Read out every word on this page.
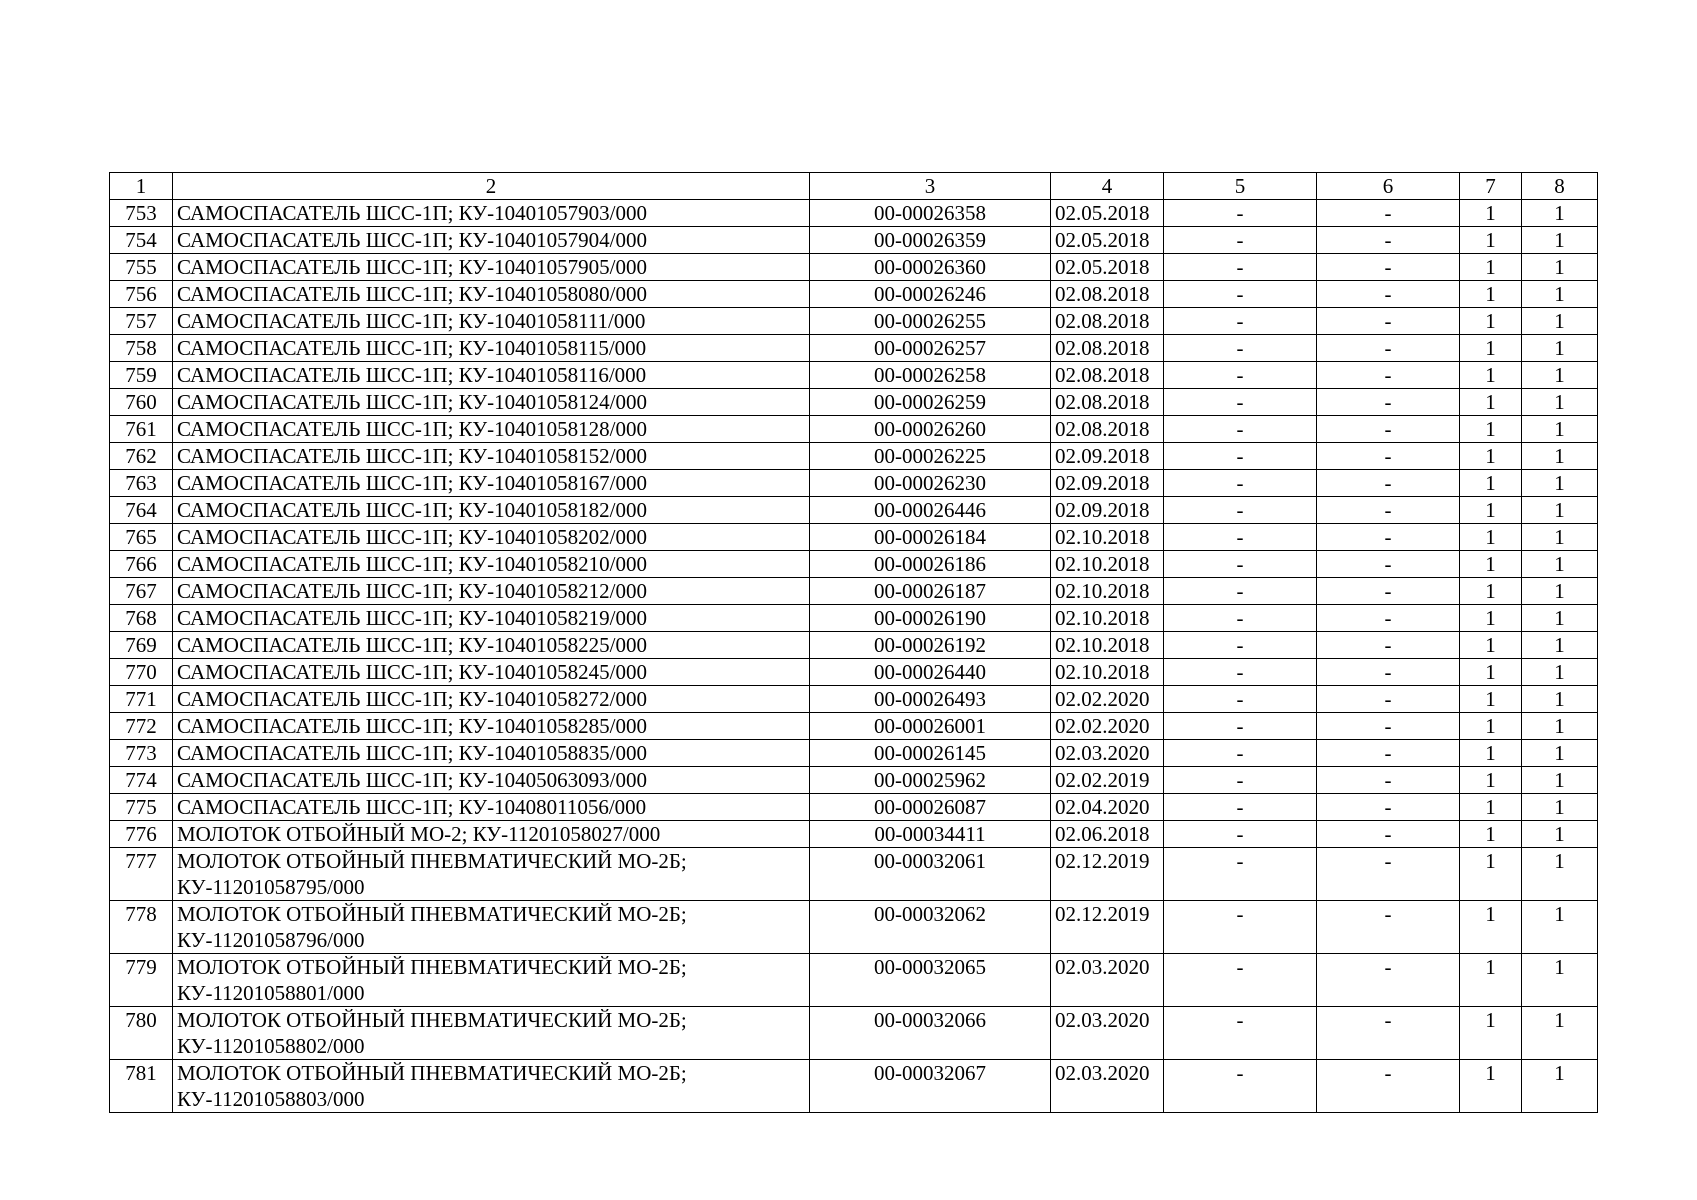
1	2	3	4	5	6	7	8
753	САМОСПАСАТЕЛЬ ШСС-1П; КУ-10401057903/000	00-00026358	02.05.2018	-	-	1	1
754	САМОСПАСАТЕЛЬ ШСС-1П; КУ-10401057904/000	00-00026359	02.05.2018	-	-	1	1
755	САМОСПАСАТЕЛЬ ШСС-1П; КУ-10401057905/000	00-00026360	02.05.2018	-	-	1	1
756	САМОСПАСАТЕЛЬ ШСС-1П; КУ-10401058080/000	00-00026246	02.08.2018	-	-	1	1
757	САМОСПАСАТЕЛЬ ШСС-1П; КУ-10401058111/000	00-00026255	02.08.2018	-	-	1	1
758	САМОСПАСАТЕЛЬ ШСС-1П; КУ-10401058115/000	00-00026257	02.08.2018	-	-	1	1
759	САМОСПАСАТЕЛЬ ШСС-1П; КУ-10401058116/000	00-00026258	02.08.2018	-	-	1	1
760	САМОСПАСАТЕЛЬ ШСС-1П; КУ-10401058124/000	00-00026259	02.08.2018	-	-	1	1
761	САМОСПАСАТЕЛЬ ШСС-1П; КУ-10401058128/000	00-00026260	02.08.2018	-	-	1	1
762	САМОСПАСАТЕЛЬ ШСС-1П; КУ-10401058152/000	00-00026225	02.09.2018	-	-	1	1
763	САМОСПАСАТЕЛЬ ШСС-1П; КУ-10401058167/000	00-00026230	02.09.2018	-	-	1	1
764	САМОСПАСАТЕЛЬ ШСС-1П; КУ-10401058182/000	00-00026446	02.09.2018	-	-	1	1
765	САМОСПАСАТЕЛЬ ШСС-1П; КУ-10401058202/000	00-00026184	02.10.2018	-	-	1	1
766	САМОСПАСАТЕЛЬ ШСС-1П; КУ-10401058210/000	00-00026186	02.10.2018	-	-	1	1
767	САМОСПАСАТЕЛЬ ШСС-1П; КУ-10401058212/000	00-00026187	02.10.2018	-	-	1	1
768	САМОСПАСАТЕЛЬ ШСС-1П; КУ-10401058219/000	00-00026190	02.10.2018	-	-	1	1
769	САМОСПАСАТЕЛЬ ШСС-1П; КУ-10401058225/000	00-00026192	02.10.2018	-	-	1	1
770	САМОСПАСАТЕЛЬ ШСС-1П; КУ-10401058245/000	00-00026440	02.10.2018	-	-	1	1
771	САМОСПАСАТЕЛЬ ШСС-1П; КУ-10401058272/000	00-00026493	02.02.2020	-	-	1	1
772	САМОСПАСАТЕЛЬ ШСС-1П; КУ-10401058285/000	00-00026001	02.02.2020	-	-	1	1
773	САМОСПАСАТЕЛЬ ШСС-1П; КУ-10401058835/000	00-00026145	02.03.2020	-	-	1	1
774	САМОСПАСАТЕЛЬ ШСС-1П; КУ-10405063093/000	00-00025962	02.02.2019	-	-	1	1
775	САМОСПАСАТЕЛЬ ШСС-1П; КУ-10408011056/000	00-00026087	02.04.2020	-	-	1	1
776	МОЛОТОК ОТБОЙНЫЙ МО-2; КУ-11201058027/000	00-00034411	02.06.2018	-	-	1	1
777	МОЛОТОК ОТБОЙНЫЙ ПНЕВМАТИЧЕСКИЙ МО-2Б; КУ-11201058795/000	00-00032061	02.12.2019	-	-	1	1
778	МОЛОТОК ОТБОЙНЫЙ ПНЕВМАТИЧЕСКИЙ МО-2Б; КУ-11201058796/000	00-00032062	02.12.2019	-	-	1	1
779	МОЛОТОК ОТБОЙНЫЙ ПНЕВМАТИЧЕСКИЙ МО-2Б; КУ-11201058801/000	00-00032065	02.03.2020	-	-	1	1
780	МОЛОТОК ОТБОЙНЫЙ ПНЕВМАТИЧЕСКИЙ МО-2Б; КУ-11201058802/000	00-00032066	02.03.2020	-	-	1	1
781	МОЛОТОК ОТБОЙНЫЙ ПНЕВМАТИЧЕСКИЙ МО-2Б; КУ-11201058803/000	00-00032067	02.03.2020	-	-	1	1
